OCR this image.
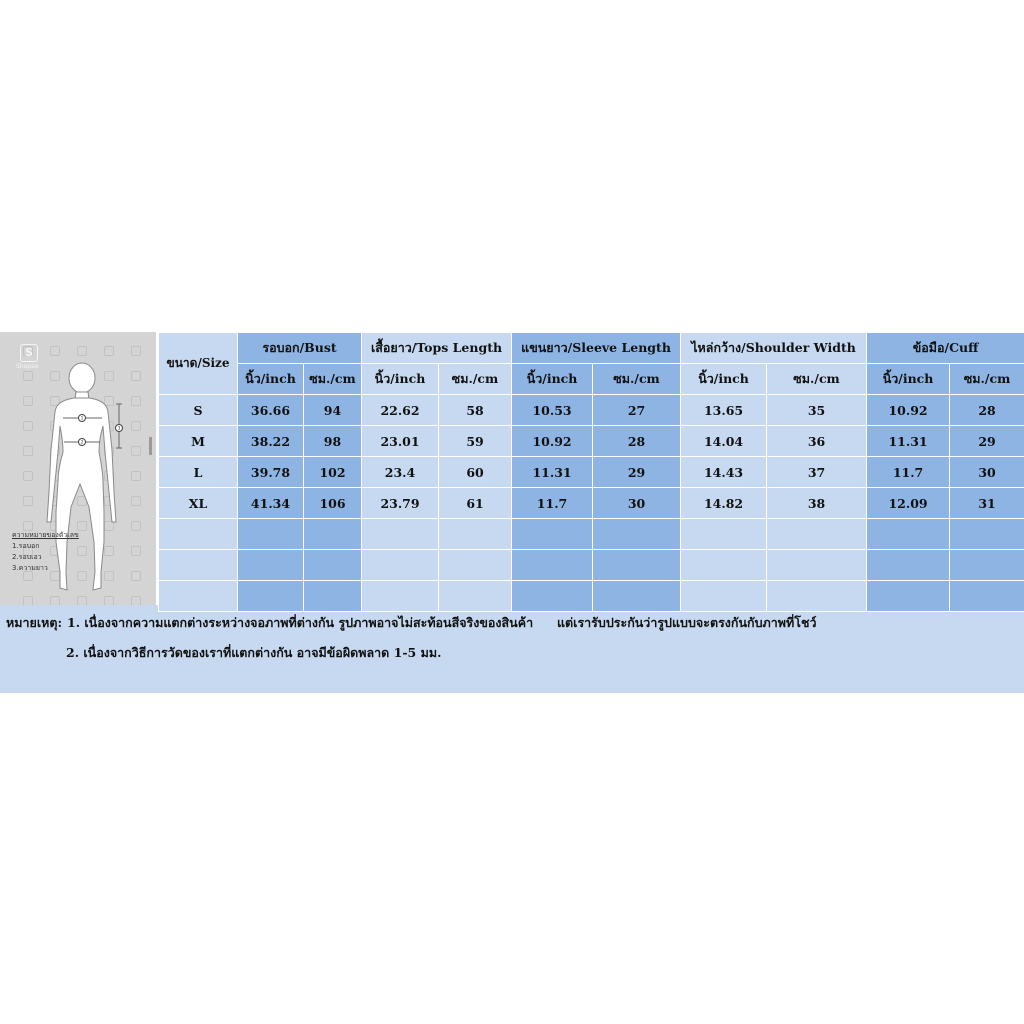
S
Shopee
1
2
3
ความหมายของตัวเลข
1.รอบอก
2.รอบเอว
3.ความยาว
ขนาด/Size	รอบอก/Bust		เสื้อยาว/Tops Length		แขนยาว/Sleeve Length		ไหล่กว้าง/Shoulder Width		ข้อมือ/Cuff	
	นิ้ว/inch	ซม./cm	นิ้ว/inch	ซม./cm	นิ้ว/inch	ซม./cm	นิ้ว/inch	ซม./cm	นิ้ว/inch	ซม./cm
S	36.66	94	22.62	58	10.53	27	13.65	35	10.92	28
M	38.22	98	23.01	59	10.92	28	14.04	36	11.31	29
L	39.78	102	23.4	60	11.31	29	14.43	37	11.7	30
XL	41.34	106	23.79	61	11.7	30	14.82	38	12.09	31

หมายเหตุ: 1. เนื่องจากความแตกต่างระหว่างจอภาพที่ต่างกัน รูปภาพอาจไม่สะท้อนสีจริงของสินค้า แต่เรารับประกันว่ารูปแบบจะตรงกันกับภาพที่โชว์
2. เนื่องจากวิธีการวัดของเราที่แตกต่างกัน อาจมีข้อผิดพลาด 1-5 มม.
